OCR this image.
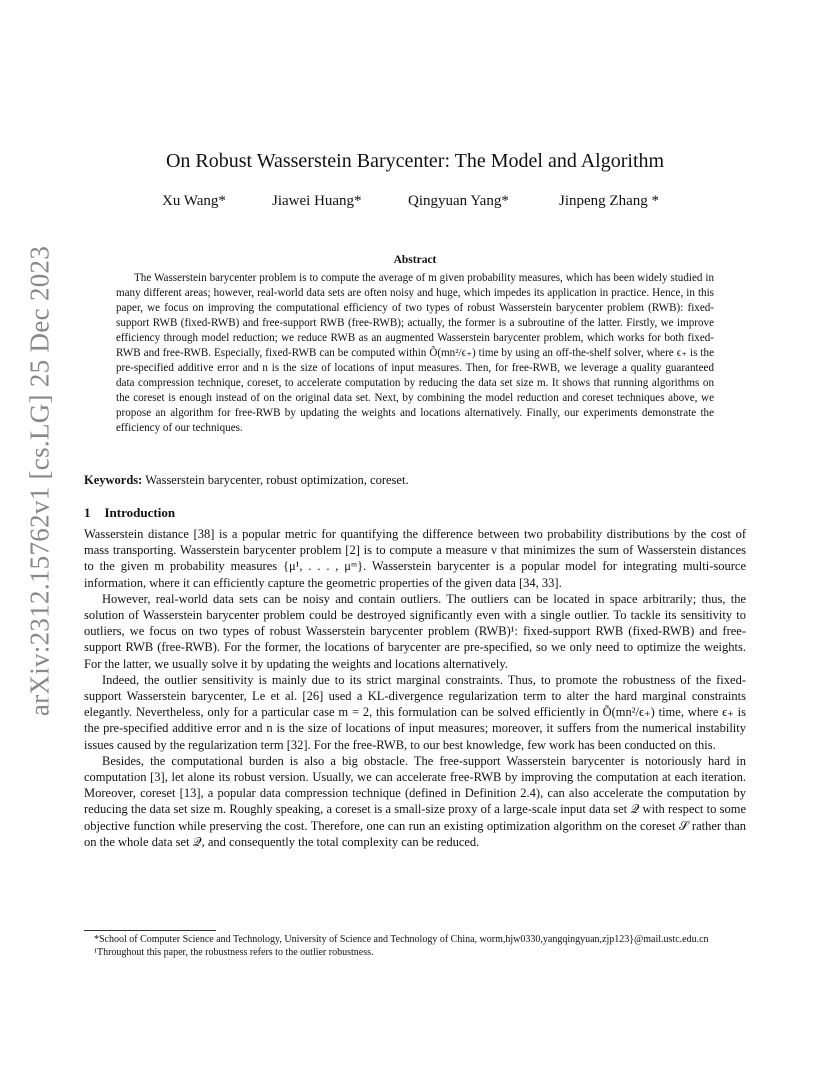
arXiv:2312.15762v1 [cs.LG] 25 Dec 2023
On Robust Wasserstein Barycenter: The Model and Algorithm
Xu Wang*	Jiawei Huang*	Qingyuan Yang*	Jinpeng Zhang *
Abstract

The Wasserstein barycenter problem is to compute the average of m given probability measures, which has been widely studied in many different areas; however, real-world data sets are often noisy and huge, which impedes its application in practice. Hence, in this paper, we focus on improving the computational efficiency of two types of robust Wasserstein barycenter problem (RWB): fixed-support RWB (fixed-RWB) and free-support RWB (free-RWB); actually, the former is a subroutine of the latter. Firstly, we improve efficiency through model reduction; we reduce RWB as an augmented Wasserstein barycenter problem, which works for both fixed-RWB and free-RWB. Especially, fixed-RWB can be computed within Õ(mn²/ϵ₊) time by using an off-the-shelf solver, where ϵ₊ is the pre-specified additive error and n is the size of locations of input measures. Then, for free-RWB, we leverage a quality guaranteed data compression technique, coreset, to accelerate computation by reducing the data set size m. It shows that running algorithms on the coreset is enough instead of on the original data set. Next, by combining the model reduction and coreset techniques above, we propose an algorithm for free-RWB by updating the weights and locations alternatively. Finally, our experiments demonstrate the efficiency of our techniques.

Keywords: Wasserstein barycenter, robust optimization, coreset.
1 Introduction

Wasserstein distance [38] is a popular metric for quantifying the difference between two probability distributions by the cost of mass transporting. Wasserstein barycenter problem [2] is to compute a measure ν that minimizes the sum of Wasserstein distances to the given m probability measures {μ¹, . . . , μᵐ}. Wasserstein barycenter is a popular model for integrating multi-source information, where it can efficiently capture the geometric properties of the given data [34, 33].

However, real-world data sets can be noisy and contain outliers. The outliers can be located in space arbitrarily; thus, the solution of Wasserstein barycenter problem could be destroyed significantly even with a single outlier. To tackle its sensitivity to outliers, we focus on two types of robust Wasserstein barycenter problem (RWB)¹: fixed-support RWB (fixed-RWB) and free-support RWB (free-RWB). For the former, the locations of barycenter are pre-specified, so we only need to optimize the weights. For the latter, we usually solve it by updating the weights and locations alternatively.

Indeed, the outlier sensitivity is mainly due to its strict marginal constraints. Thus, to promote the robustness of the fixed-support Wasserstein barycenter, Le et al. [26] used a KL-divergence regularization term to alter the hard marginal constraints elegantly. Nevertheless, only for a particular case m = 2, this formulation can be solved efficiently in Õ(mn²/ϵ₊) time, where ϵ₊ is the pre-specified additive error and n is the size of locations of input measures; moreover, it suffers from the numerical instability issues caused by the regularization term [32]. For the free-RWB, to our best knowledge, few work has been conducted on this.

Besides, the computational burden is also a big obstacle. The free-support Wasserstein barycenter is notoriously hard in computation [3], let alone its robust version. Usually, we can accelerate free-RWB by improving the computation at each iteration. Moreover, coreset [13], a popular data compression technique (defined in Definition 2.4), can also accelerate the computation by reducing the data set size m. Roughly speaking, a coreset is a small-size proxy of a large-scale input data set 𝒬 with respect to some objective function while preserving the cost. Therefore, one can run an existing optimization algorithm on the coreset 𝒮 rather than on the whole data set 𝒬, and consequently the total complexity can be reduced.

*School of Computer Science and Technology, University of Science and Technology of China, worm,hjw0330,yangqingyuan,zjp123}@mail.ustc.edu.cn

¹Throughout this paper, the robustness refers to the outlier robustness.
